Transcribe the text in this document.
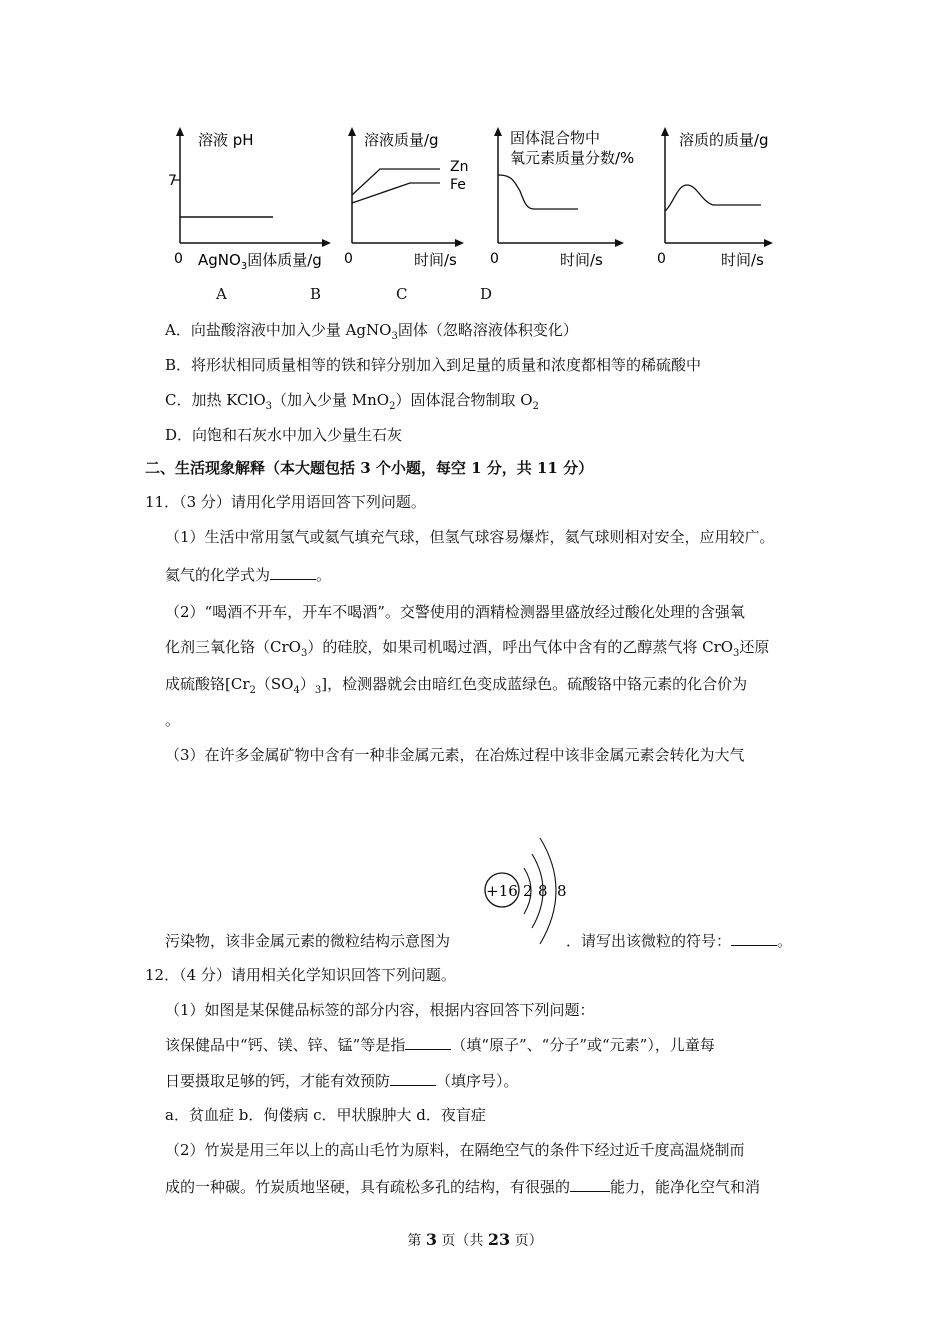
溶液 pH
7
0 AgNO$_3$固体质量/g
溶液质量/g
Zn
Fe
0	时间/s
固体混合物中
氧元素质量分数/%
0	时间/s
溶质的质量/g
0	时间/s
A	B	C	D
A．向盐酸溶液中加入少量 AgNO$_3$固体（忽略溶液体积变化）
B．将形状相同质量相等的铁和锌分别加入到足量的质量和浓度都相等的稀硫酸中
C．加热 KClO$_3$（加入少量 MnO$_2$）固体混合物制取 $O_2$
D．向饱和石灰水中加入少量生石灰
二、生活现象解释（本大题包括 3 个小题，每空 1 分，共 11 分）
11．（3 分）请用化学用语回答下列问题。
（1）生活中常用氢气或氦气填充气球，但氢气球容易爆炸，氦气球则相对安全，应用较广。
氦气的化学式为	。
（2）“喝酒不开车，开车不喝酒”。交警使用的酒精检测器里盛放经过酸化处理的含强氧
化剂三氧化铬（CrO$_3$）的硅胶，如果司机喝过酒，呼出气体中含有的乙醇蒸气将 CrO$_3$还原
成硫酸铬$[Cr_2(SO_4)_3]$，检测器就会由暗红色变成蓝绿色。硫酸铬中铬元素的化合价为
。
（3）在许多金属矿物中含有一种非金属元素，在冶炼过程中该非金属元素会转化为大气
+16 2 8 8
污染物，该非金属元素的微粒结构示意图为	．请写出该微粒的符号：	。
12．（4 分）请用相关化学知识回答下列问题。
（1）如图是某保健品标签的部分内容，根据内容回答下列问题：
该保健品中“钙、镁、锌、锰”等是指	（填“原子”、“分子”或“元素”），儿童每
日要摄取足够的钙，才能有效预防	（填序号）。
a．贫血症 b．佝偻病 c．甲状腺肿大 d．夜盲症
（2）竹炭是用三年以上的高山毛竹为原料，在隔绝空气的条件下经过近千度高温烧制而
成的一种碳。竹炭质地坚硬，具有疏松多孔的结构，有很强的	能力，能净化空气和消
第 3 页（共 23 页）
